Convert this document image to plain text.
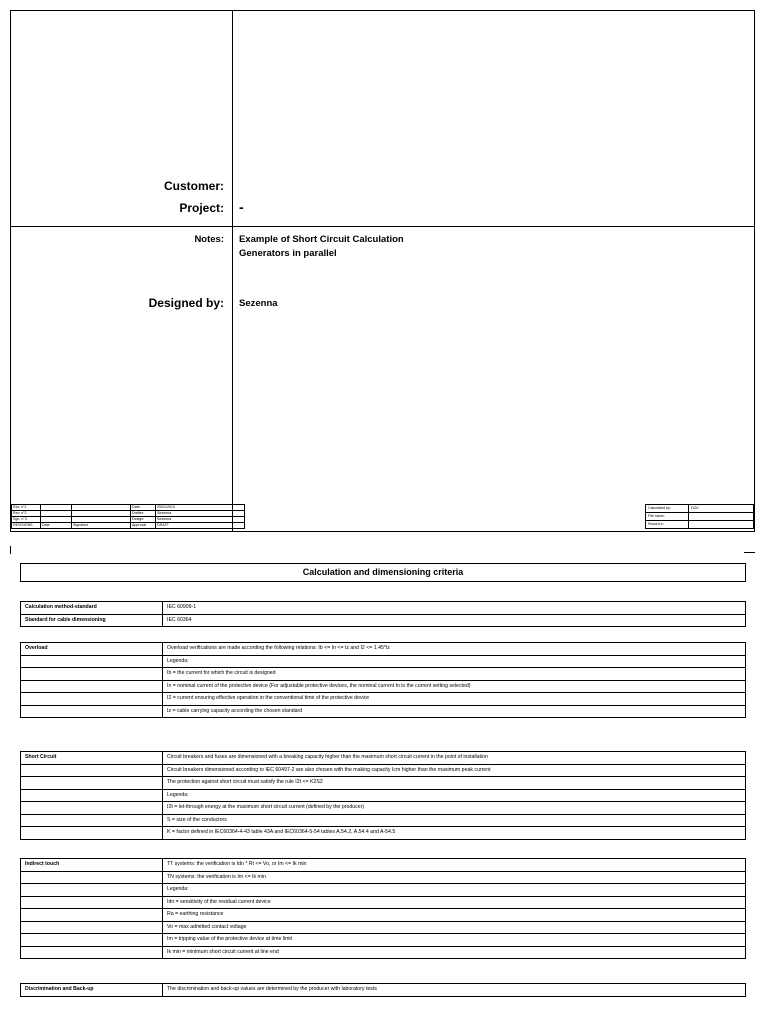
Customer:
Project: -
Notes: Example of Short Circuit Calculation
Generators in parallel
Designed by: Sezenna
Rev. n°1			Date:	25/01/2013
Rev. n°2			Drafter:	Sezenna
Sgn. n°3			Design:	Sezenna
REVISIONS	Date	Signature	Approval	DRAFT
Calculated by:	DOC
File name:	
Record #:	
Calculation and dimensioning criteria
Calculation method-standard	IEC 60909-1
Standard for cable dimensioning	IEC 60364
Overload	Overload verifications are made according the following relations: Ib <= In <= Iz and I2 <= 1.45*Iz
	Legenda:
	Ib = the current for which the circuit is designed
	In = nominal current of the protective device (For adjustable protective devices, the nominal current In is the current setting selected)
	I2 = current ensuring effective operation in the conventional time of the protective device
	Iz = cable carrying capacity according the chosen standard
Short Circuit	Circuit breakers and fuses are dimensioned with a breaking capacity higher than the maximum short circuit current in the point of installation
	Circuit breakers dimensioned according to IEC 60497-2 are also chosen with the making capacity Icm higher than the maximum peak current
	The protection against short circuit must satisfy the rule I2t <= K2S2
	Legenda:
	I2t = let-through energy at the maximum short circuit current (defined by the producer)
	S = size of the conductors
	K = factor defined in IEC60364-4-43 table 43A and IEC60364-5-54 tables A.54.2, A.54.4 and A-54.5
Indirect touch	TT systems: the verification is Idn * Rt <= Vo, or Im <= Ik min
	TN systems: the verification is Im <= Ik min
	Legenda:
	Idn = sensitivity of the residual current device
	Ra = earthing resistance
	Vo = max admitted contact voltage
	Im = tripping value of the protective device at time limit
	Ik min = minimum short circuit current at line end
Discrimination and Back-up	The discrimination and back-up values are determined by the producer with laboratory tests
